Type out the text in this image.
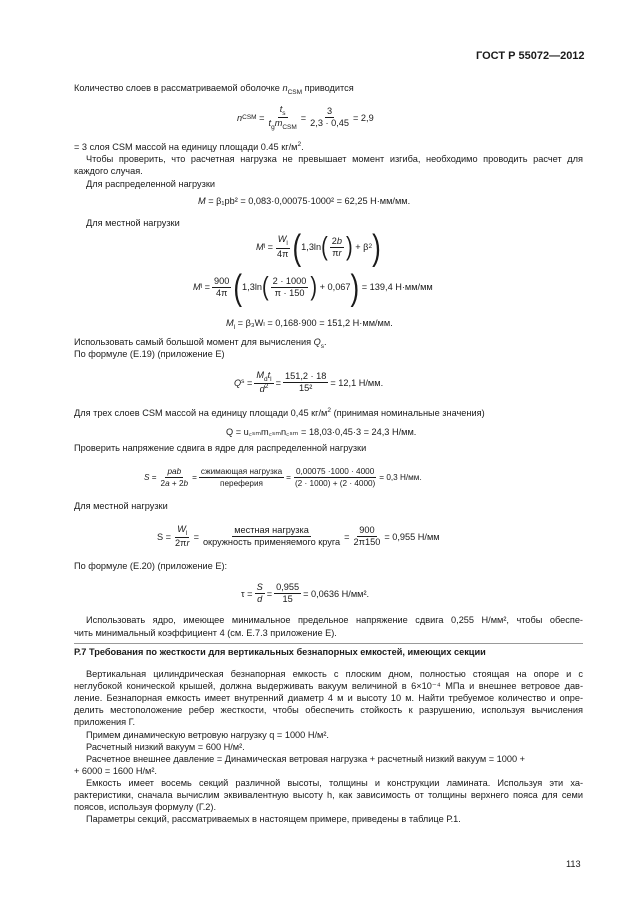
ГОСТ Р 55072—2012
Количество слоев в рассматриваемой оболочке $n_{CSM}$ приводится
n CSM = $\frac{t_s}{t_gm_{CSM}} = \frac{3}{2,3 \cdot 0,45} = 2,9$
= 3 слоя CSM массой на единицу площади 0.45 $кг/м^2$.
Чтобы проверить, что расчетная нагрузка не превышает момент изгиба, необходимо проводить расчет для
каждого случая.
Для распределенной нагрузки
M = β₁pb² = 0,083·0,00075·1000² = 62,25 Н·мм/мм.
Для местной нагрузки
M $l = \frac{W_l}{4\pi}$ ( 1,3ln ( $\frac{2b}{\pi r}$ ) + β 2 )
M $l = \frac{900}{4\pi}$ ( 1,3 ln ( $\frac{2 \cdot 1000}{\pi \cdot 150}$ )
+ 0,067 )
= 139,4 Н·мм/мм
$M_l = \beta_3W_l = 0,168\cdot 900 = 151,2$ Н·мм/мм.
Использовать самый большой момент для вычисления $Q_s$.
По формуле (Е.19) (приложение Е)
Q $s = \frac{M_dt_l}{d^2} = \frac{151,2 \cdot 18}{\text{15²}} = 12,1$ Н/мм.
Для трех слоев CSM массой на единицу площади 0,45 $кг/м^2$ (принимая номинальные значения)
Q = u꜀ₛₘm꜀ₛₘn꜀ₛₘ = 18,03·0,45·3 = 24,3 Н/мм.
Проверить напряжение сдвига в ядре для распределенной нагрузки
$S = \frac{\text{pab}}{2a + 2b} = \frac{\text{сжимающая нагрузка}}{\text{переферия}} = \frac{0,00075 \cdot 1000 \cdot 4000}{(2 \cdot 1000) + (2 \cdot 4000)} = 0,3$ Н/мм.
Для местной нагрузки
$S = \frac{W_l}{2\pi r} = \frac{\text{местная нагрузка}}{\text{окружность применяемого круга}} = \frac{900}{2\pi 150} = 0,955$ Н/мм
По формуле (Е.20) (приложение Е):
$\tau = \frac{S}{d} = \frac{0,955}{15} = 0,0636$ Н/мм².
Использовать ядро, имеющее минимальное предельное напряжение сдвига 0,255 Н/мм², чтобы обеспе-
чить минимальный коэффициент 4 (см. Е.7.3 приложение Е).
Р.7 Требования по жесткости для вертикальных безнапорных емкостей, имеющих секции
Вертикальная цилиндрическая безнапорная емкость с плоским дном, полностью стоящая на опоре и с
неглубокой конической крышей, должна выдерживать вакуум величиной в 6×10⁻⁴ МПа и внешнее ветровое дав-
ление. Безнапорная емкость имеет внутренний диаметр 4 м и высоту 10 м. Найти требуемое количество и опре-
делить местоположение ребер жесткости, чтобы обеспечить стойкость к разрушению, используя вычисления
приложения Г.
Примем динамическую ветровую нагрузку q = 1000 Н/м².
Расчетный низкий вакуум = 600 Н/м².
Расчетное внешнее давление = Динамическая ветровая нагрузка + расчетный низкий вакуум = 1000 +
+ 6000 = 1600 Н/м².
Емкость имеет восемь секций различной высоты, толщины и конструкции ламината. Используя эти ха-
рактеристики, сначала вычислим эквивалентную высоту h, как зависимость от толщины верхнего пояса для семи
поясов, используя формулу (Г.2).
Параметры секций, рассматриваемых в настоящем примере, приведены в таблице Р.1.
113
